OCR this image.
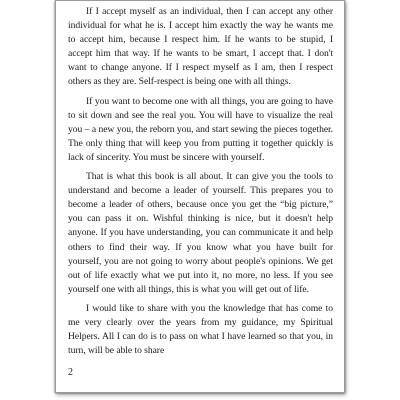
If I accept myself as an individual, then I can accept any other individual for what he is. I accept him exactly the way he wants me to accept him, because I respect him. If he wants to be stupid, I accept him that way. If he wants to be smart, I accept that. I don't want to change anyone. If I respect myself as I am, then I respect others as they are. Self-respect is being one with all things.

If you want to become one with all things, you are going to have to sit down and see the real you. You will have to visualize the real you – a new you, the reborn you, and start sewing the pieces together. The only thing that will keep you from putting it together quickly is lack of sincerity. You must be sincere with yourself.

That is what this book is all about. It can give you the tools to understand and become a leader of yourself. This prepares you to become a leader of others, because once you get the “big picture,” you can pass it on. Wishful thinking is nice, but it doesn't help anyone. If you have understanding, you can communicate it and help others to find their way. If you know what you have built for yourself, you are not going to worry about people's opinions. We get out of life exactly what we put into it, no more, no less. If you see yourself one with all things, this is what you will get out of life.

I would like to share with you the knowledge that has come to me very clearly over the years from my guidance, my Spiritual Helpers. All I can do is to pass on what I have learned so that you, in turn, will be able to share

2
